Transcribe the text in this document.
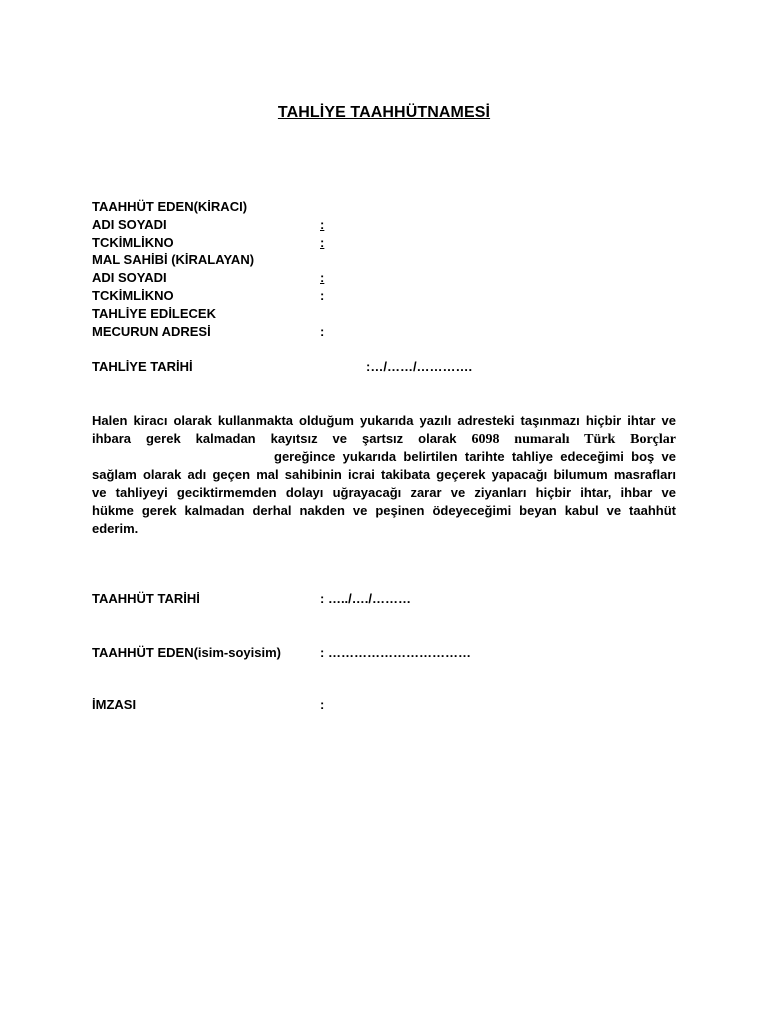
TAHLİYE TAAHHÜTNAMESİ
TAAHHÜT EDEN(KİRACI)
ADI SOYADI	:
TCKİMLİKNO	:
MAL SAHİBİ (KİRALAYAN)
ADI SOYADI	:
TCKİMLİKNO	:
TAHLİYE EDİLECEK
MECURUN ADRESİ	:
TAHLİYE TARİHİ	:…/……/………….
Halen kiracı olarak kullanmakta olduğum yukarıda yazılı adresteki taşınmazı hiçbir ihtar ve
ihbara gerek kalmadan kayıtsız ve şartsız olarak 6098 numaralı Türk Borçlar
gereğince yukarıda belirtilen tarihte tahliye edeceğimi boş ve
sağlam olarak adı geçen mal sahibinin icrai takibata geçerek yapacağı bilumum masrafları
ve tahliyeyi geciktirmemden dolayı uğrayacağı zarar ve ziyanları hiçbir ihtar, ihbar ve
hükme gerek kalmadan derhal nakden ve peşinen ödeyeceğimi beyan kabul ve taahhüt
ederim.
TAAHHÜT TARİHİ	: …../…./………
TAAHHÜT EDEN(isim-soyisim)	: ……………………………
İMZASI	:
